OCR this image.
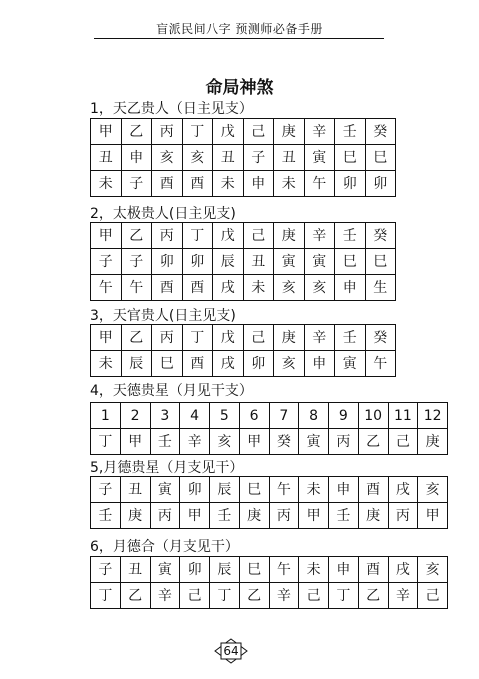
盲派民间八字 预测师必备手册
命局神煞
1，天乙贵人（日主见支）
甲	乙	丙	丁	戊	己	庚	辛	壬	癸
丑	申	亥	亥	丑	子	丑	寅	巳	巳
未	子	酉	酉	未	申	未	午	卯	卯
2，太极贵人(日主见支)
甲	乙	丙	丁	戊	己	庚	辛	壬	癸
子	子	卯	卯	辰	丑	寅	寅	巳	巳
午	午	酉	酉	戌	未	亥	亥	申	生
3，天官贵人(日主见支)
甲	乙	丙	丁	戊	己	庚	辛	壬	癸
未	辰	巳	酉	戌	卯	亥	申	寅	午
4，天德贵星（月见干支）
1	2	3	4	5	6	7	8	9	10	11	12
丁	甲	壬	辛	亥	甲	癸	寅	丙	乙	己	庚
5,月德贵星（月支见干）
子	丑	寅	卯	辰	巳	午	未	申	酉	戌	亥
壬	庚	丙	甲	壬	庚	丙	甲	壬	庚	丙	甲
6，月德合（月支见干）
子	丑	寅	卯	辰	巳	午	未	申	酉	戌	亥
丁	乙	辛	己	丁	乙	辛	己	丁	乙	辛	己
64
